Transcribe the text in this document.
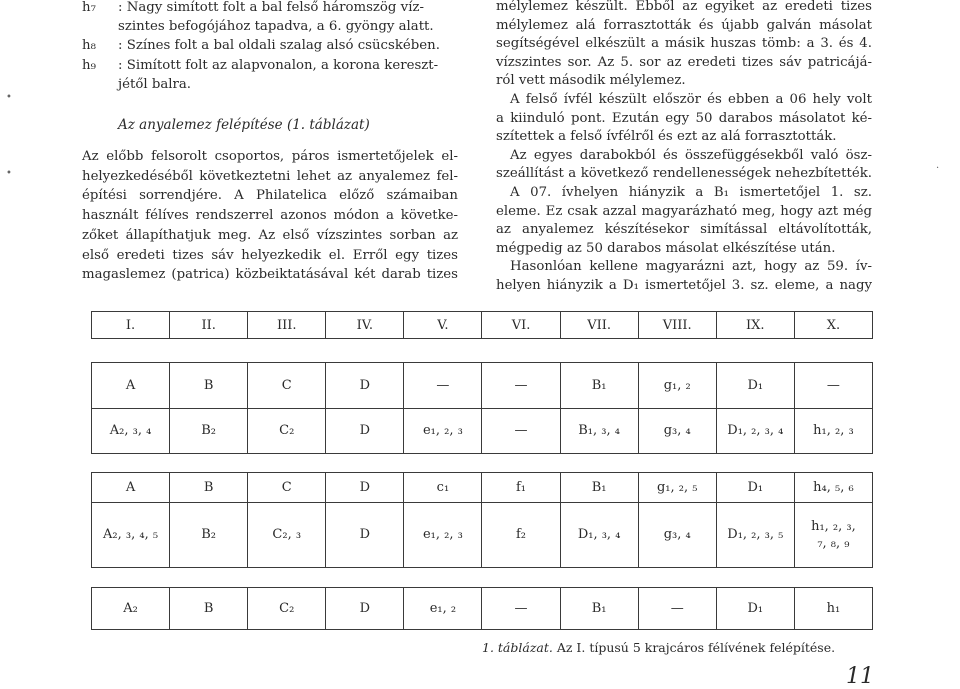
h₇	: Nagy simított folt a bal felső háromszög víz-
szintes befogójához tapadva, a 6. gyöngy alatt.
h₈	: Színes folt a bal oldali szalag alsó csücskében.
h₉	: Simított folt az alapvonalon, a korona kereszt-
jétől balra.
Az előbb felsorolt csoportos, páros ismertetőjelek el-
helyezkedéséből következtetni lehet az anyalemez fel-
építési sorrendjére. A Philatelica előző számaiban
használt félíves rendszerrel azonos módon a követke-
zőket állapíthatjuk meg. Az első vízszintes sorban az
első eredeti tizes sáv helyezkedik el. Erről egy tizes
magaslemez (patrica) közbeiktatásával két darab tizes
Az anyalemez felépítése (1. táblázat)
mélylemez készült. Ebből az egyiket az eredeti tizes
mélylemez alá forrasztották és újabb galván másolat
segítségével elkészült a másik huszas tömb: a 3. és 4.
vízszintes sor. Az 5. sor az eredeti tizes sáv patricájá-
ról vett második mélylemez.
A felső ívfél készült először és ebben a 06 hely volt
a kiinduló pont. Ezután egy 50 darabos másolatot ké-
szítettek a felső ívfélről és ezt az alá forrasztották.
Az egyes darabokból és összefüggésekből való ösz-
szeállítást a következő rendellenességek nehezbítették.
A 07. ívhelyen hiányzik a B₁ ismertetőjel 1. sz.
eleme. Ez csak azzal magyarázható meg, hogy azt még
az anyalemez készítésekor simítással eltávolították,
mégpedig az 50 darabos másolat elkészítése után.
Hasonlóan kellene magyarázni azt, hogy az 59. ív-
helyen hiányzik a D₁ ismertetőjel 3. sz. eleme, a nagy
•
•	·
I.	II.	III.	IV.	V.	VI.	VII.	VIII.	IX.	X.
A	B	C	D	—	—	B₁	g₁, ₂	D₁	—
A₂, ₃, ₄	B₂	C₂	D	e₁, ₂, ₃	—	B₁, ₃, ₄	g₃, ₄	D₁, ₂, ₃, ₄	h₁, ₂, ₃
A	B	C	D	c₁	f₁	B₁	g₁, ₂, ₅	D₁	h₄, ₅, ₆
A₂, ₃, ₄, ₅	B₂	C₂, ₃	D	e₁, ₂, ₃	f₂	D₁, ₃, ₄	g₃, ₄	D₁, ₂, ₃, ₅	h₁, ₂, ₃, ₇, ₈, ₉
A₂	B	C₂	D	e₁, ₂	—	B₁	—	D₁	h₁
1. táblázat. Az I. típusú 5 krajcáros félívének felépítése.
11
